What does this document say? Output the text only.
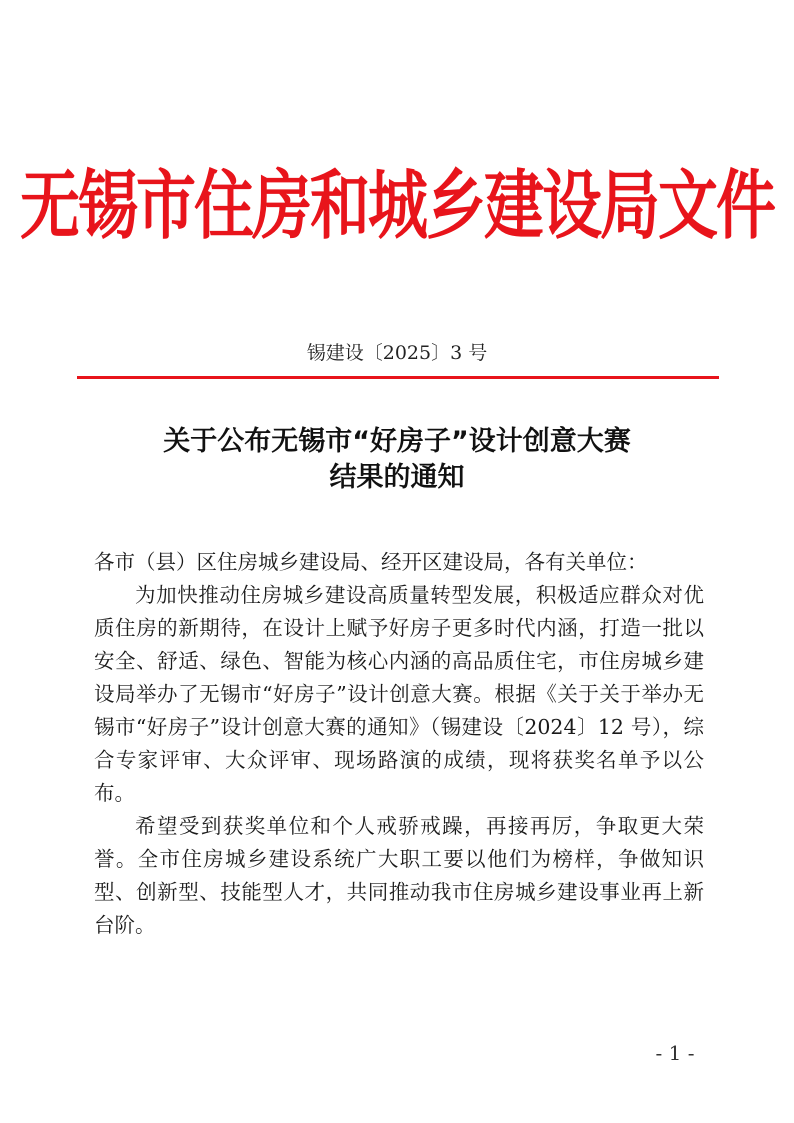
无锡市住房和城乡建设局文件
锡建设〔2025〕3 号
关于公布无锡市“好房子”设计创意大赛
结果的通知

各市（县）区住房城乡建设局、经开区建设局，各有关单位：

为加快推动住房城乡建设高质量转型发展，积极适应群众对优质住房的新期待，在设计上赋予好房子更多时代内涵，打造一批以安全、舒适、绿色、智能为核心内涵的高品质住宅，市住房城乡建设局举办了无锡市“好房子”设计创意大赛。根据《关于关于举办无锡市“好房子”设计创意大赛的通知》（锡建设〔2024〕12 号），综合专家评审、大众评审、现场路演的成绩，现将获奖名单予以公布。

希望受到获奖单位和个人戒骄戒躁，再接再厉，争取更大荣誉。全市住房城乡建设系统广大职工要以他们为榜样，争做知识型、创新型、技能型人才，共同推动我市住房城乡建设事业再上新台阶。

- 1 -
